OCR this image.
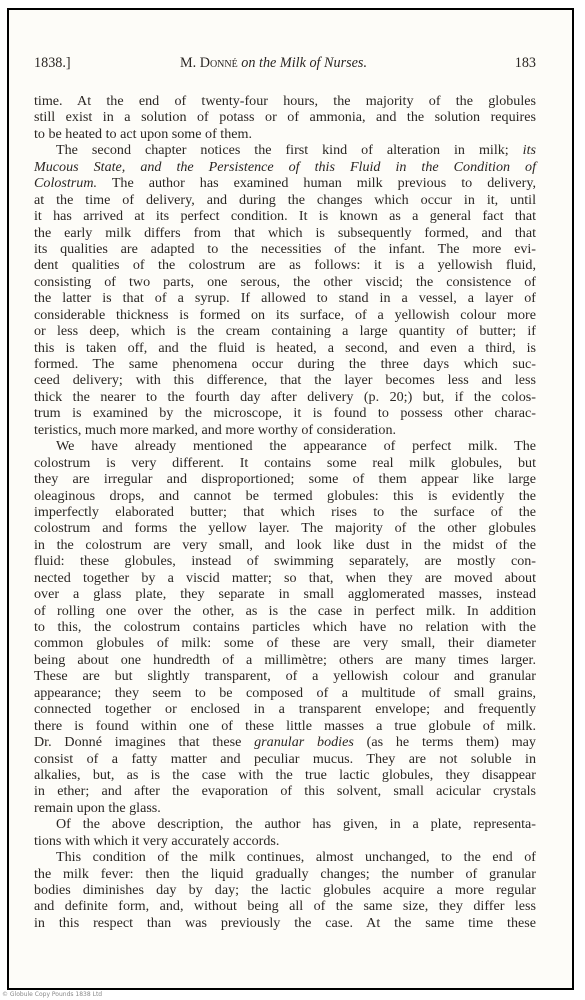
1838.]	M. Donné on the Milk of Nurses.	183
time. At the end of twenty-four hours, the majority of the globules
still exist in a solution of potass or of ammonia, and the solution requires
to be heated to act upon some of them.
The second chapter notices the first kind of alteration in milk; its
Mucous State, and the Persistence of this Fluid in the Condition of
Colostrum. The author has examined human milk previous to delivery,
at the time of delivery, and during the changes which occur in it, until
it has arrived at its perfect condition. It is known as a general fact that
the early milk differs from that which is subsequently formed, and that
its qualities are adapted to the necessities of the infant. The more evi-
dent qualities of the colostrum are as follows: it is a yellowish fluid,
consisting of two parts, one serous, the other viscid; the consistence of
the latter is that of a syrup. If allowed to stand in a vessel, a layer of
considerable thickness is formed on its surface, of a yellowish colour more
or less deep, which is the cream containing a large quantity of butter; if
this is taken off, and the fluid is heated, a second, and even a third, is
formed. The same phenomena occur during the three days which suc-
ceed delivery; with this difference, that the layer becomes less and less
thick the nearer to the fourth day after delivery (p. 20;) but, if the colos-
trum is examined by the microscope, it is found to possess other charac-
teristics, much more marked, and more worthy of consideration.
We have already mentioned the appearance of perfect milk. The
colostrum is very different. It contains some real milk globules, but
they are irregular and disproportioned; some of them appear like large
oleaginous drops, and cannot be termed globules: this is evidently the
imperfectly elaborated butter; that which rises to the surface of the
colostrum and forms the yellow layer. The majority of the other globules
in the colostrum are very small, and look like dust in the midst of the
fluid: these globules, instead of swimming separately, are mostly con-
nected together by a viscid matter; so that, when they are moved about
over a glass plate, they separate in small agglomerated masses, instead
of rolling one over the other, as is the case in perfect milk. In addition
to this, the colostrum contains particles which have no relation with the
common globules of milk: some of these are very small, their diameter
being about one hundredth of a millimètre; others are many times larger.
These are but slightly transparent, of a yellowish colour and granular
appearance; they seem to be composed of a multitude of small grains,
connected together or enclosed in a transparent envelope; and frequently
there is found within one of these little masses a true globule of milk.
Dr. Donné imagines that these granular bodies (as he terms them) may
consist of a fatty matter and peculiar mucus. They are not soluble in
alkalies, but, as is the case with the true lactic globules, they disappear
in ether; and after the evaporation of this solvent, small acicular crystals
remain upon the glass.
Of the above description, the author has given, in a plate, representa-
tions with which it very accurately accords.
This condition of the milk continues, almost unchanged, to the end of
the milk fever: then the liquid gradually changes; the number of granular
bodies diminishes day by day; the lactic globules acquire a more regular
and definite form, and, without being all of the same size, they differ less
in this respect than was previously the case. At the same time these
© Globule Copy Pounds 1838 Ltd
